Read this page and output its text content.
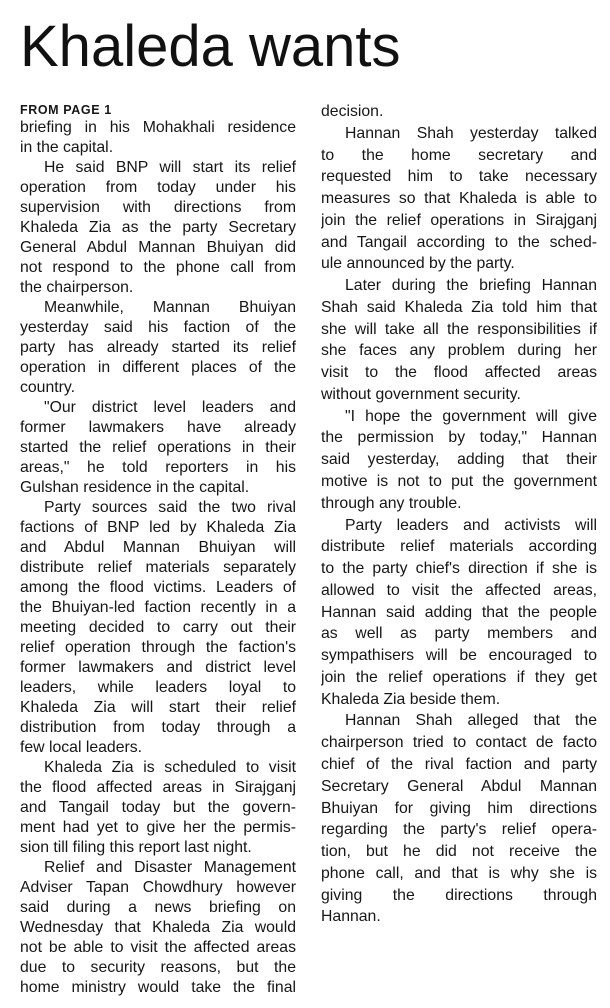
Khaleda wants
FROM PAGE 1
briefing in his Mohakhali residence
in the capital.
He said BNP will start its relief
operation from today under his
supervision with directions from
Khaleda Zia as the party Secretary
General Abdul Mannan Bhuiyan did
not respond to the phone call from
the chairperson.
Meanwhile, Mannan Bhuiyan
yesterday said his faction of the
party has already started its relief
operation in different places of the
country.
"Our district level leaders and
former lawmakers have already
started the relief operations in their
areas," he told reporters in his
Gulshan residence in the capital.
Party sources said the two rival
factions of BNP led by Khaleda Zia
and Abdul Mannan Bhuiyan will
distribute relief materials separately
among the flood victims. Leaders of
the Bhuiyan-led faction recently in a
meeting decided to carry out their
relief operation through the faction's
former lawmakers and district level
leaders, while leaders loyal to
Khaleda Zia will start their relief
distribution from today through a
few local leaders.
Khaleda Zia is scheduled to visit
the flood affected areas in Sirajganj
and Tangail today but the govern-
ment had yet to give her the permis-
sion till filing this report last night.
Relief and Disaster Management
Adviser Tapan Chowdhury however
said during a news briefing on
Wednesday that Khaleda Zia would
not be able to visit the affected areas
due to security reasons, but the
home ministry would take the final
decision.
Hannan Shah yesterday talked
to the home secretary and
requested him to take necessary
measures so that Khaleda is able to
join the relief operations in Sirajganj
and Tangail according to the sched-
ule announced by the party.
Later during the briefing Hannan
Shah said Khaleda Zia told him that
she will take all the responsibilities if
she faces any problem during her
visit to the flood affected areas
without government security.
"I hope the government will give
the permission by today," Hannan
said yesterday, adding that their
motive is not to put the government
through any trouble.
Party leaders and activists will
distribute relief materials according
to the party chief's direction if she is
allowed to visit the affected areas,
Hannan said adding that the people
as well as party members and
sympathisers will be encouraged to
join the relief operations if they get
Khaleda Zia beside them.
Hannan Shah alleged that the
chairperson tried to contact de facto
chief of the rival faction and party
Secretary General Abdul Mannan
Bhuiyan for giving him directions
regarding the party's relief opera-
tion, but he did not receive the
phone call, and that is why she is
giving the directions through
Hannan.
